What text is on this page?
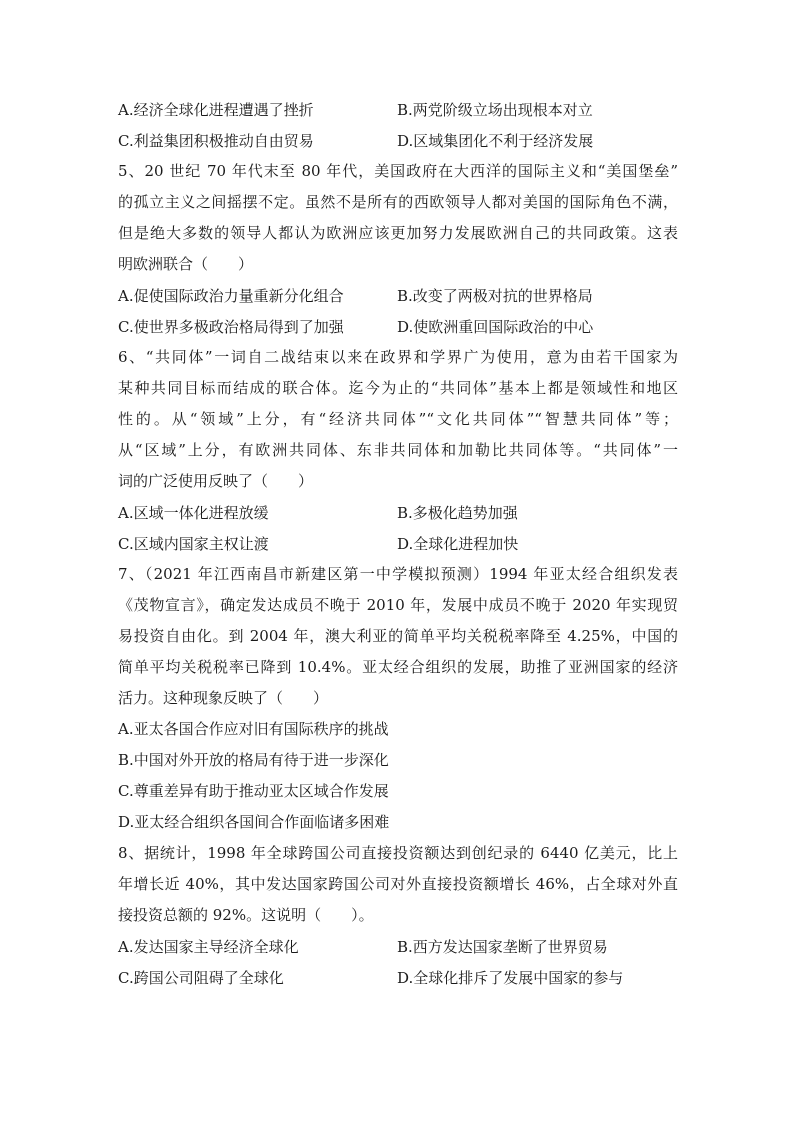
A.经济全球化进程遭遇了挫折	B.两党阶级立场出现根本对立
C.利益集团积极推动自由贸易	D.区域集团化不利于经济发展
5、20 世纪 70 年代末至 80 年代，美国政府在大西洋的国际主义和“美国堡垒”
的孤立主义之间摇摆不定。虽然不是所有的西欧领导人都对美国的国际角色不满，
但是绝大多数的领导人都认为欧洲应该更加努力发展欧洲自己的共同政策。这表
明欧洲联合（　　）
A.促使国际政治力量重新分化组合	B.改变了两极对抗的世界格局
C.使世界多极政治格局得到了加强	D.使欧洲重回国际政治的中心
6、“共同体”一词自二战结束以来在政界和学界广为使用，意为由若干国家为
某种共同目标而结成的联合体。迄今为止的“共同体”基本上都是领域性和地区
性的。从“领域”上分，有“经济共同体”“文化共同体”“智慧共同体”等；
从“区域”上分，有欧洲共同体、东非共同体和加勒比共同体等。“共同体”一
词的广泛使用反映了（　　）
A.区域一体化进程放缓	B.多极化趋势加强
C.区域内国家主权让渡	D.全球化进程加快
7、（2021 年江西南昌市新建区第一中学模拟预测）1994 年亚太经合组织发表
《茂物宣言》，确定发达成员不晚于 2010 年，发展中成员不晚于 2020 年实现贸
易投资自由化。到 2004 年，澳大利亚的简单平均关税税率降至 4.25%，中国的
简单平均关税税率已降到 10.4%。亚太经合组织的发展，助推了亚洲国家的经济
活力。这种现象反映了（　　）
A.亚太各国合作应对旧有国际秩序的挑战
B.中国对外开放的格局有待于进一步深化
C.尊重差异有助于推动亚太区域合作发展
D.亚太经合组织各国间合作面临诸多困难
8、据统计，1998 年全球跨国公司直接投资额达到创纪录的 6440 亿美元，比上
年增长近 40%，其中发达国家跨国公司对外直接投资额增长 46%，占全球对外直
接投资总额的 92%。这说明（　　）。
A.发达国家主导经济全球化	B.西方发达国家垄断了世界贸易
C.跨国公司阻碍了全球化	D.全球化排斥了发展中国家的参与
